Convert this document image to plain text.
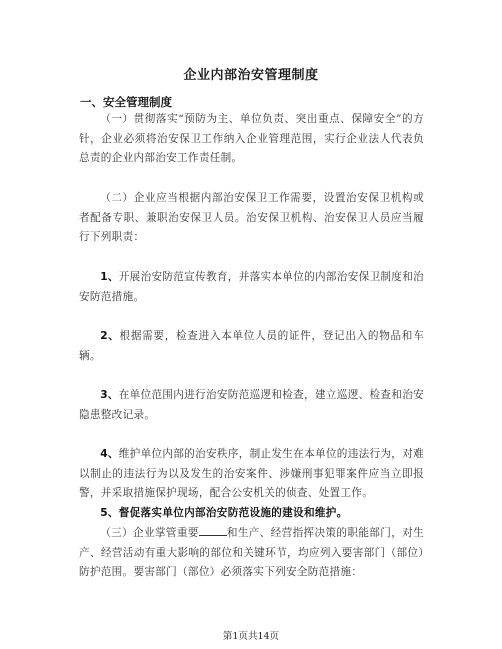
企业内部治安管理制度
一、安全管理制度

（一）贯彻落实“预防为主、单位负责、突出重点、保障安全”的方针，企业必须将治安保卫工作纳入企业管理范围，实行企业法人代表负总责的企业内部治安工作责任制。

（二）企业应当根据内部治安保卫工作需要，设置治安保卫机构或者配备专职、兼职治安保卫人员。治安保卫机构、治安保卫人员应当履行下列职责：

1、开展治安防范宣传教育，并落实本单位的内部治安保卫制度和治安防范措施。

2、根据需要，检查进入本单位人员的证件，登记出入的物品和车辆。

3、在单位范围内进行治安防范巡逻和检查，建立巡逻、检查和治安隐患整改记录。

4、维护单位内部的治安秩序，制止发生在本单位的违法行为，对难以制止的违法行为以及发生的治安案件、涉嫌刑事犯罪案件应当立即报警，并采取措施保护现场，配合公安机关的侦查、处置工作。

5、督促落实单位内部治安防范设施的建设和维护。

（三）企业掌管重要	和生产、经营指挥决策的职能部门，对生产、经营活动有重大影响的部位和关键环节，均应列入要害部门（部位）防护范围。要害部门（部位）必须落实下列安全防范措施：

第1页共14页
